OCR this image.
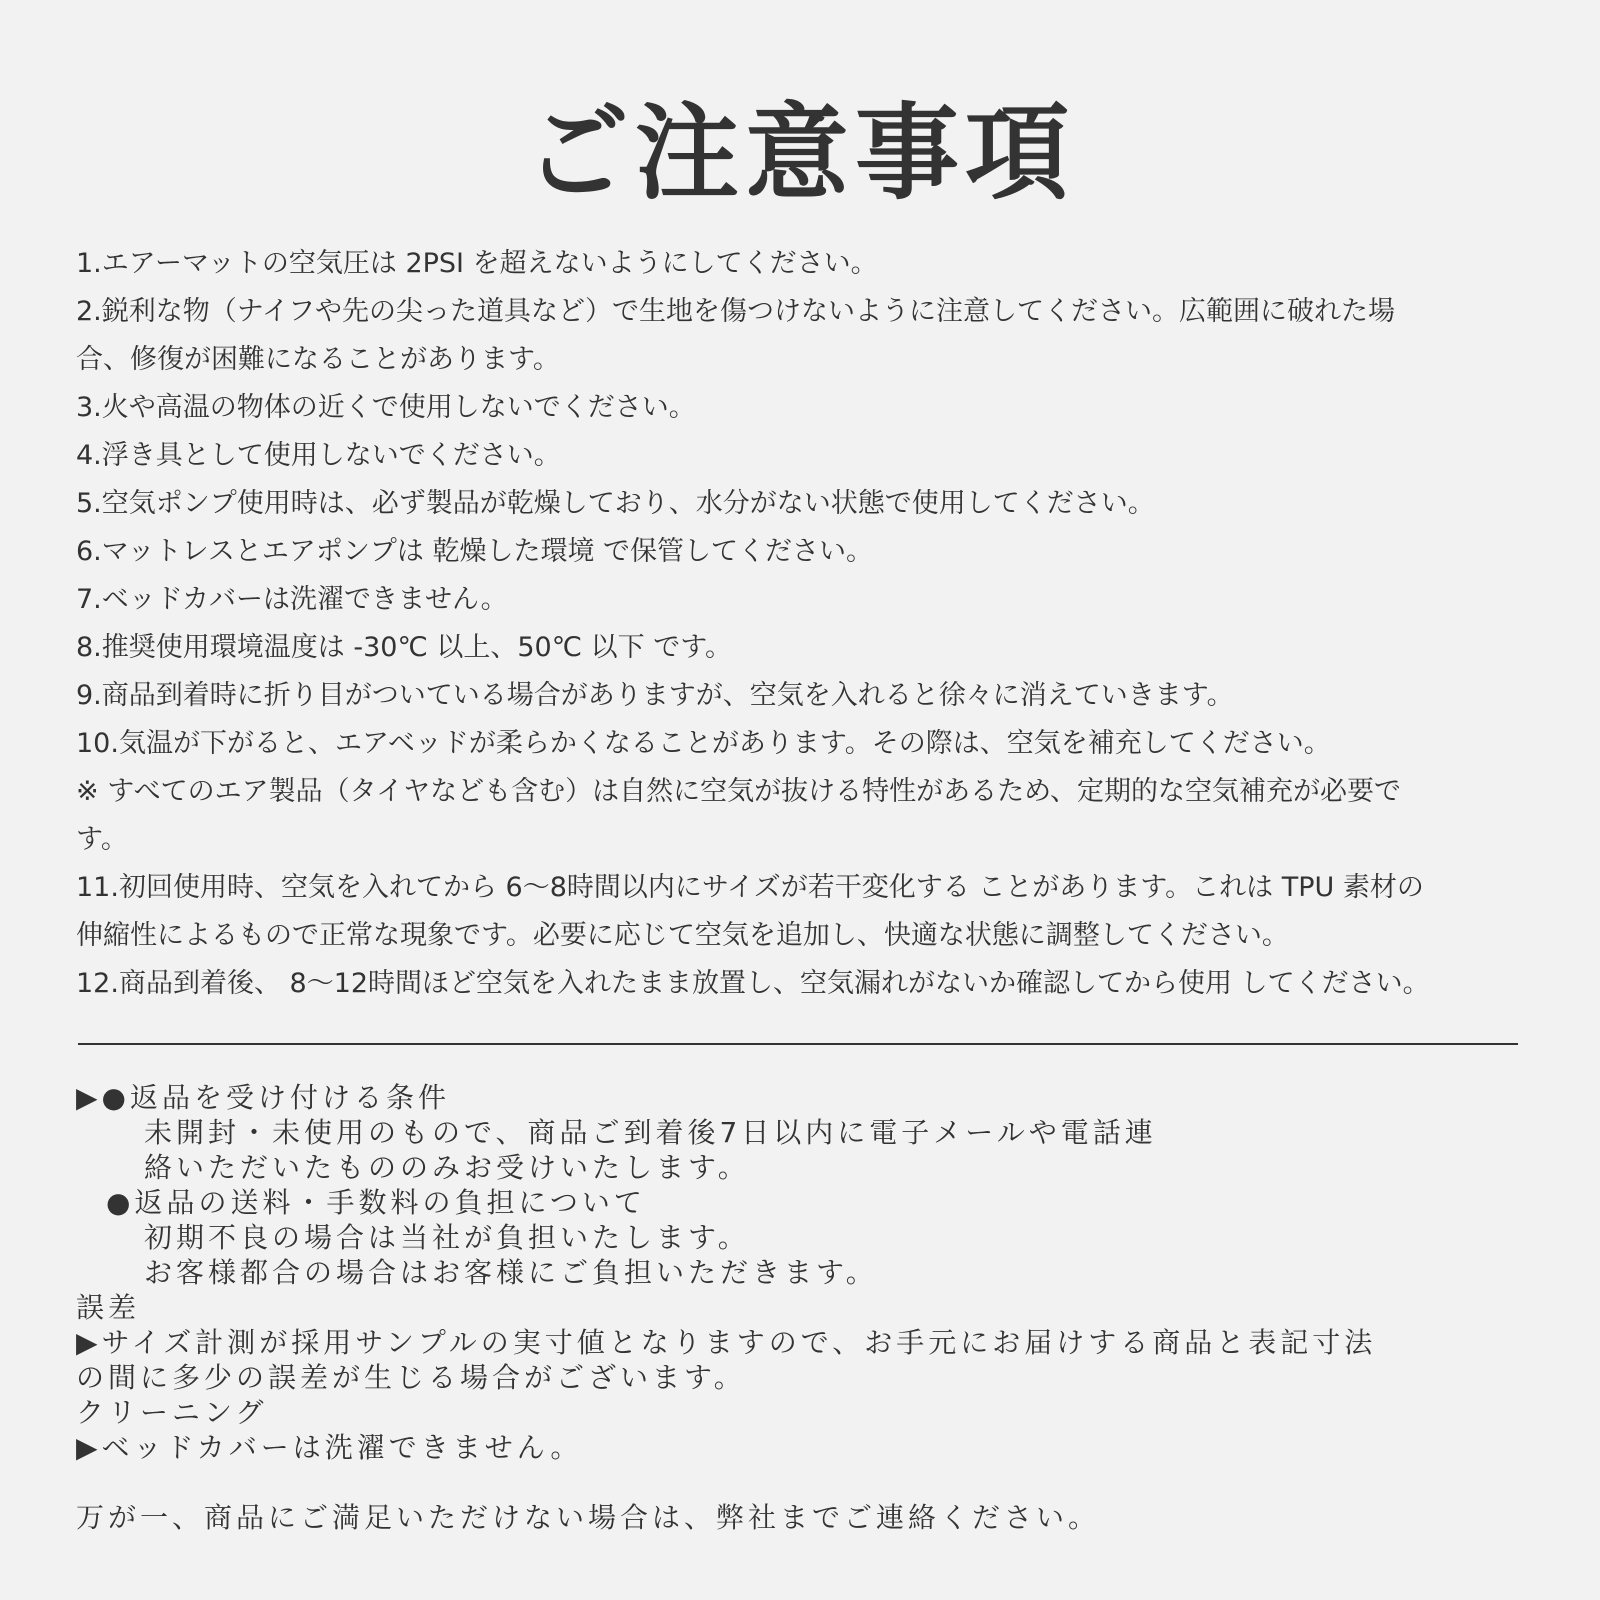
ご注意事項

1.エアーマットの空気圧は 2PSI を超えないようにしてください。

2.鋭利な物（ナイフや先の尖った道具など）で生地を傷つけないように注意してください。広範囲に破れた場

合、修復が困難になることがあります。

3.火や高温の物体の近くで使用しないでください。

4.浮き具として使用しないでください。

5.空気ポンプ使用時は、必ず製品が乾燥しており、水分がない状態で使用してください。

6.マットレスとエアポンプは 乾燥した環境 で保管してください。

7.ベッドカバーは洗濯できません。

8.推奨使用環境温度は -30℃ 以上、50℃ 以下 です。

9.商品到着時に折り目がついている場合がありますが、空気を入れると徐々に消えていきます。

10.気温が下がると、エアベッドが柔らかくなることがあります。その際は、空気を補充してください。

※ すべてのエア製品（タイヤなども含む）は自然に空気が抜ける特性があるため、定期的な空気補充が必要で

す。

11.初回使用時、空気を入れてから 6～8時間以内にサイズが若干変化する ことがあります。これは TPU 素材の

伸縮性によるもので正常な現象です。必要に応じて空気を追加し、快適な状態に調整してください。

12.商品到着後、 8～12時間ほど空気を入れたまま放置し、空気漏れがないか確認してから使用 してください。

▶●返品を受け付ける条件

未開封・未使用のもので、商品ご到着後7日以内に電子メールや電話連

絡いただいたもののみお受けいたします。

●返品の送料・手数料の負担について

初期不良の場合は当社が負担いたします。

お客様都合の場合はお客様にご負担いただきます。

誤差

▶サイズ計測が採用サンプルの実寸値となりますので、お手元にお届けする商品と表記寸法

の間に多少の誤差が生じる場合がございます。

クリーニング

▶ベッドカバーは洗濯できません。

万が一、商品にご満足いただけない場合は、弊社までご連絡ください。
